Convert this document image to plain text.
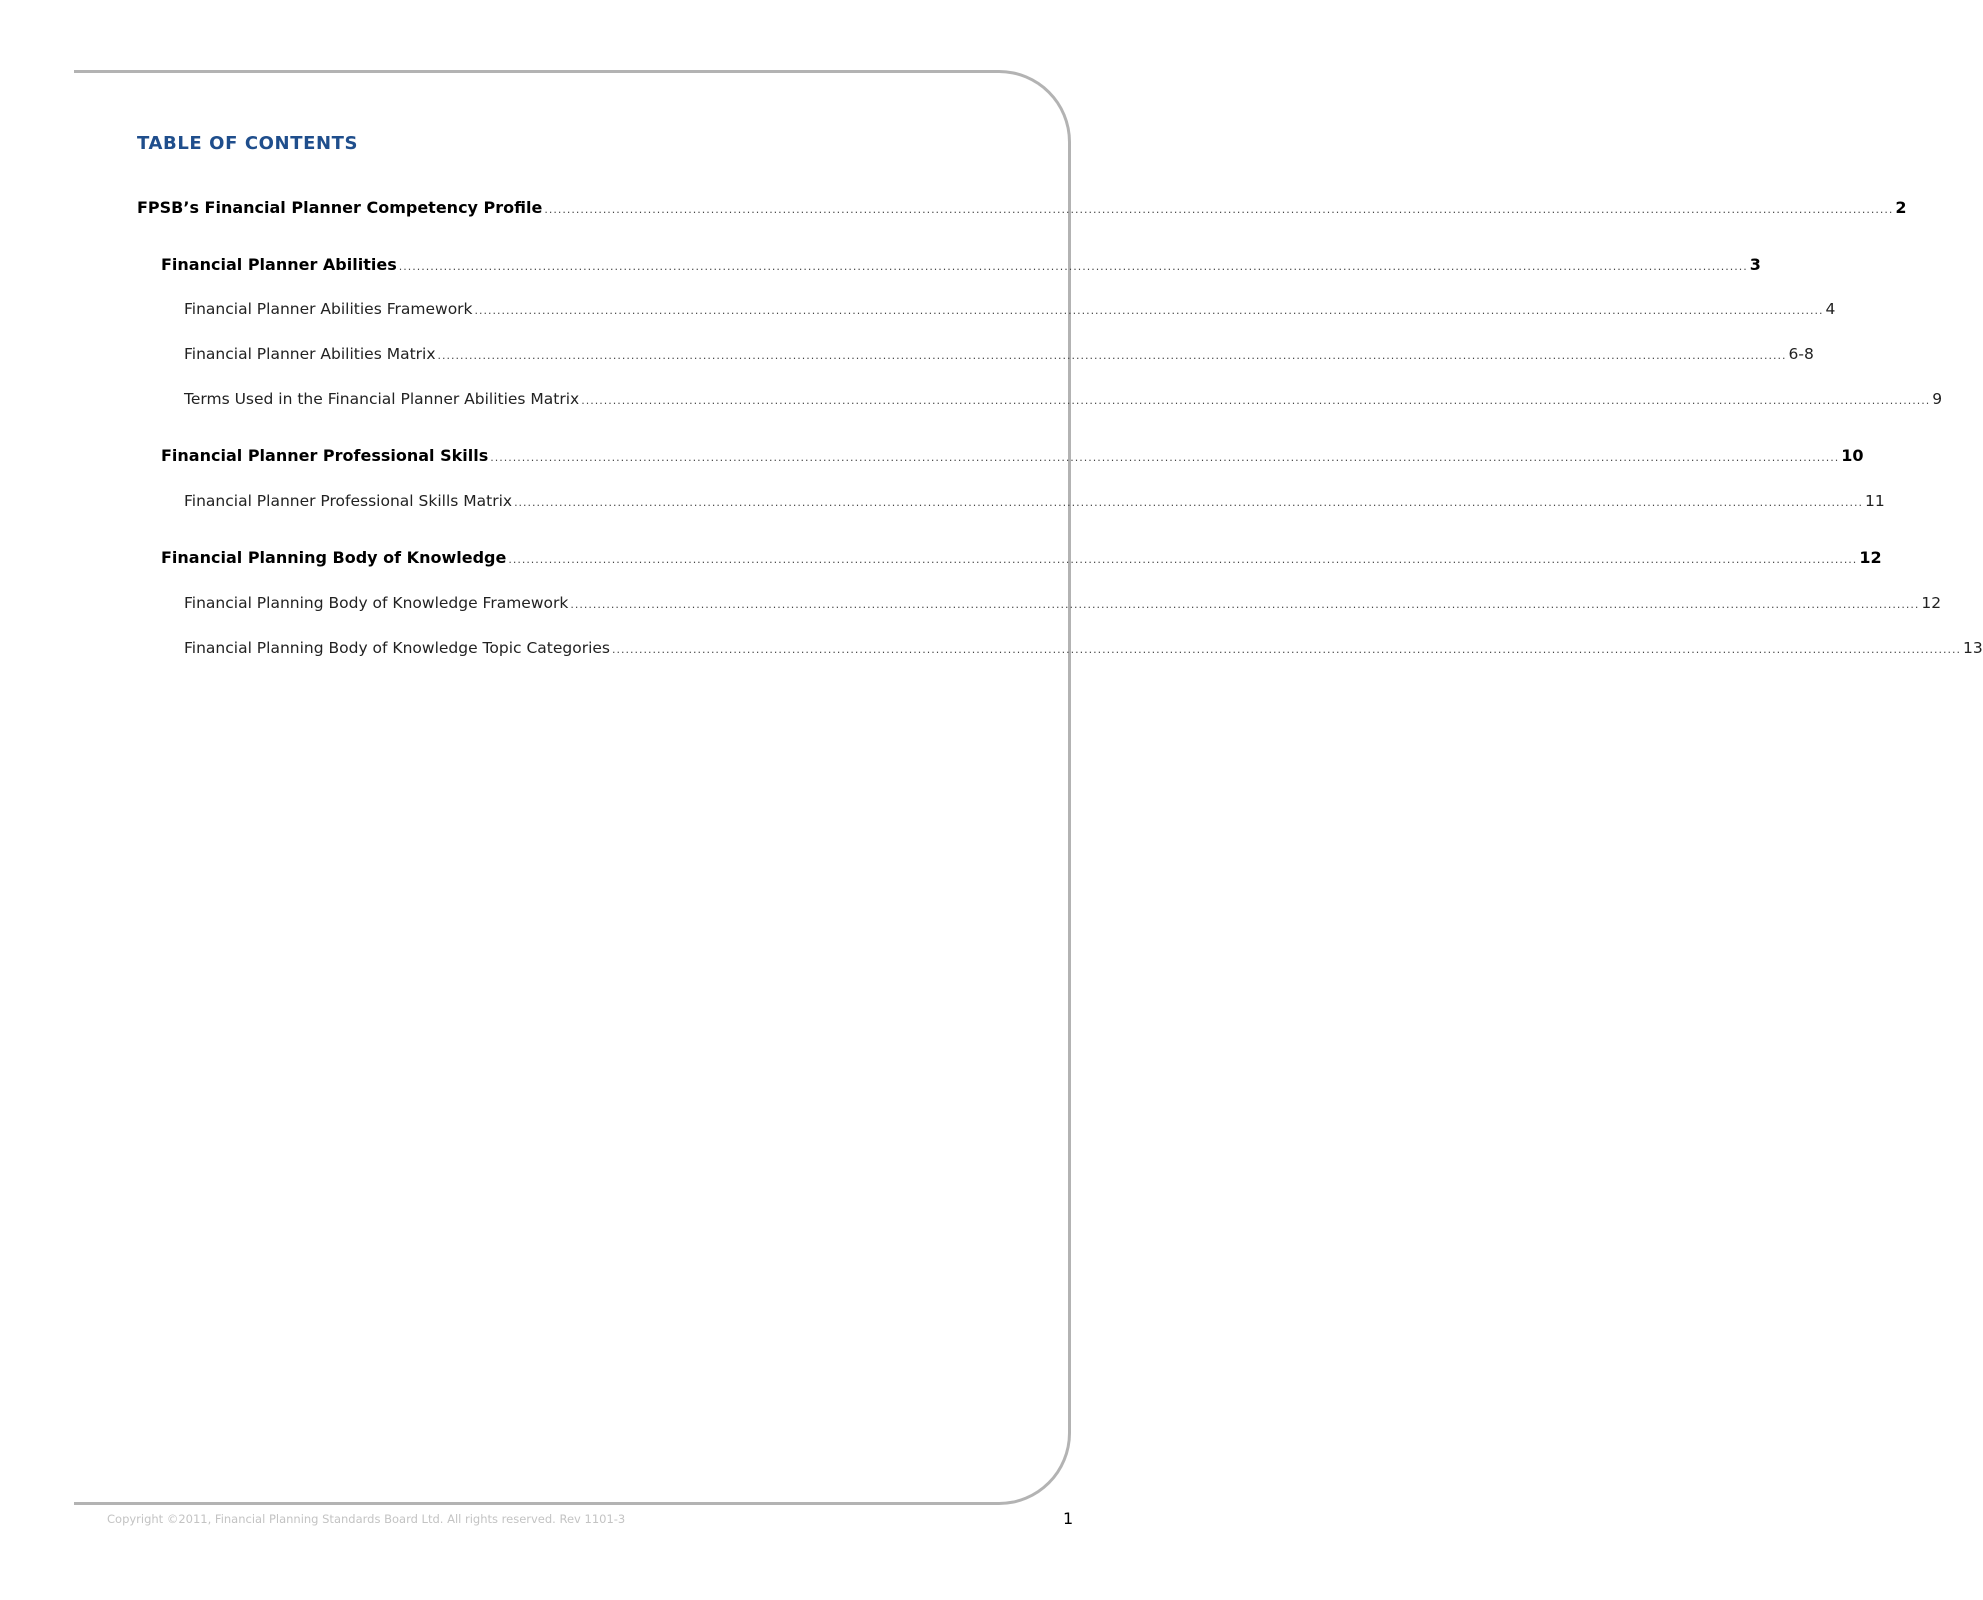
TABLE OF CONTENTS
FPSB’s Financial Planner Competency Profile ............................................................................................................................................................................................................................................................................................................ 2
Financial Planner Abilities ............................................................................................................................................................................................................................................................................................................ 3
Financial Planner Abilities Framework ............................................................................................................................................................................................................................................................................................................ 4
Financial Planner Abilities Matrix ............................................................................................................................................................................................................................................................................................................ 6-8
Terms Used in the Financial Planner Abilities Matrix ............................................................................................................................................................................................................................................................................................................ 9
Financial Planner Professional Skills ............................................................................................................................................................................................................................................................................................................ 10
Financial Planner Professional Skills Matrix ............................................................................................................................................................................................................................................................................................................ 11
Financial Planning Body of Knowledge ............................................................................................................................................................................................................................................................................................................ 12
Financial Planning Body of Knowledge Framework ............................................................................................................................................................................................................................................................................................................ 12
Financial Planning Body of Knowledge Topic Categories ............................................................................................................................................................................................................................................................................................................ 13
Copyright ©2011, Financial Planning Standards Board Ltd. All rights reserved. Rev 1101-3	1
